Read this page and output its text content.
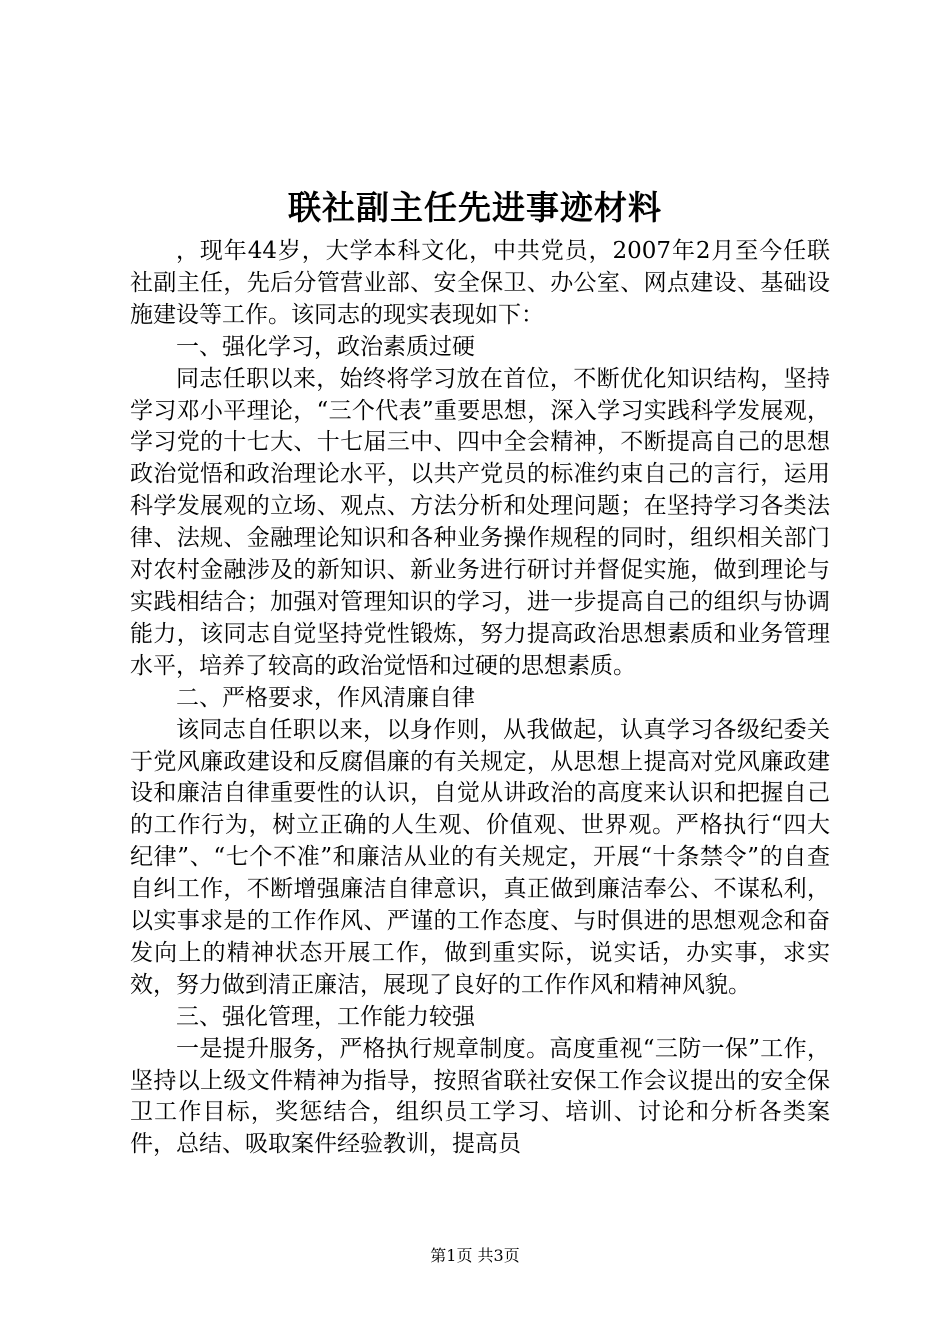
联社副主任先进事迹材料

，现年44岁，大学本科文化，中共党员，2007年2月至今任联社副主任，先后分管营业部、安全保卫、办公室、网点建设、基础设施建设等工作。该同志的现实表现如下：

一、强化学习，政治素质过硬

同志任职以来，始终将学习放在首位，不断优化知识结构，坚持学习邓小平理论，“三个代表”重要思想，深入学习实践科学发展观，学习党的十七大、十七届三中、四中全会精神，不断提高自己的思想政治觉悟和政治理论水平，以共产党员的标准约束自己的言行，运用科学发展观的立场、观点、方法分析和处理问题；在坚持学习各类法律、法规、金融理论知识和各种业务操作规程的同时，组织相关部门对农村金融涉及的新知识、新业务进行研讨并督促实施，做到理论与实践相结合；加强对管理知识的学习，进一步提高自己的组织与协调能力，该同志自觉坚持党性锻炼，努力提高政治思想素质和业务管理水平，培养了较高的政治觉悟和过硬的思想素质。

二、严格要求，作风清廉自律

该同志自任职以来，以身作则，从我做起，认真学习各级纪委关于党风廉政建设和反腐倡廉的有关规定，从思想上提高对党风廉政建设和廉洁自律重要性的认识，自觉从讲政治的高度来认识和把握自己的工作行为，树立正确的人生观、价值观、世界观。严格执行“四大纪律”、“七个不准”和廉洁从业的有关规定，开展“十条禁令”的自查自纠工作，不断增强廉洁自律意识，真正做到廉洁奉公、不谋私利，以实事求是的工作作风、严谨的工作态度、与时俱进的思想观念和奋发向上的精神状态开展工作，做到重实际，说实话，办实事，求实效，努力做到清正廉洁，展现了良好的工作作风和精神风貌。

三、强化管理，工作能力较强

一是提升服务，严格执行规章制度。高度重视“三防一保”工作，坚持以上级文件精神为指导，按照省联社安保工作会议提出的安全保卫工作目标，奖惩结合，组织员工学习、培训、讨论和分析各类案件，总结、吸取案件经验教训，提高员

第1页 共3页
